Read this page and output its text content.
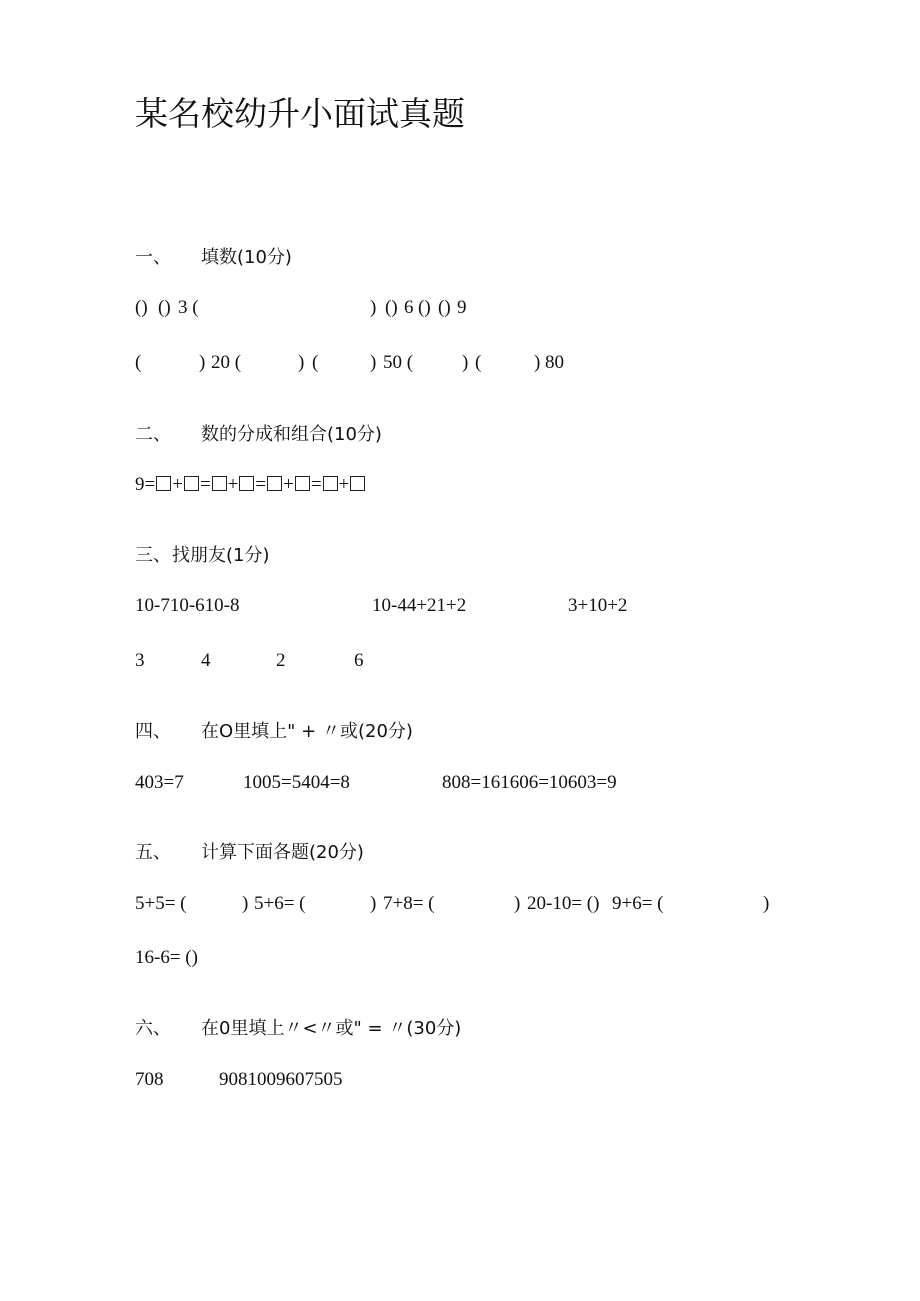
某名校幼升小面试真题
一、 填数(10分)
() () 3 (	) () 6 () () 9
(	) 20 (	) (	) 50 (	) (	) 80
二、 数的分成和组合(10分)
9= + = + = + = +
三、 找朋友(1分)
10-710-610-8	10-44+21+2	3+10+2
3	4	2	6
四、 在O里填上" + 〃或(20分)
403=7	1005=5404=8	808=161606=10603=9
五、 计算下面各题(20分)
5+5= (	) 5+6= (	) 7+8= (	) 20-10= () 9+6= (	)
16-6= ()
六、 在0里填上〃<〃或" = 〃(30分)
708	9081009607505
